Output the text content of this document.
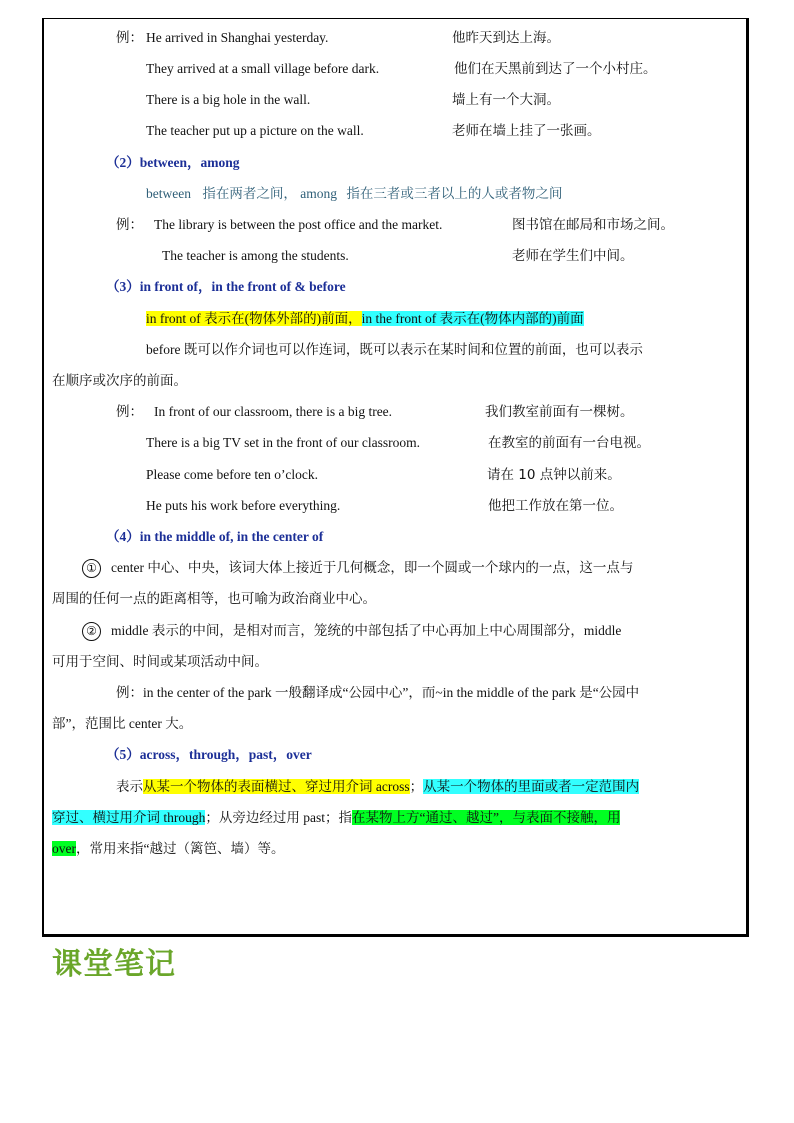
例： He arrived in Shanghai yesterday.	他昨天到达上海。
They arrived at a small village before dark.	他们在天黑前到达了一个小村庄。
There is a big hole in the wall.	墙上有一个大洞。
The teacher put up a picture on the wall.	老师在墙上挂了一张画。
（2）between，among
between 指在两者之间， among 指在三者或三者以上的人或者物之间
例： The library is between the post office and the market.	图书馆在邮局和市场之间。
The teacher is among the students.	老师在学生们中间。
（3）in front of，in the front of & before
in front of 表示在(物体外部的)前面，in the front of 表示在(物体内部的)前面
before 既可以作介词也可以作连词，既可以表示在某时间和位置的前面，也可以表示
在顺序或次序的前面。
例： In front of our classroom, there is a big tree.	我们教室前面有一棵树。
There is a big TV set in the front of our classroom.	在教室的前面有一台电视。
Please come before ten o’clock.	请在 10 点钟以前来。
He puts his work before everything.	他把工作放在第一位。
（4）in the middle of, in the center of
① center 中心、中央，该词大体上接近于几何概念，即一个圆或一个球内的一点，这一点与
周围的任何一点的距离相等，也可喻为政治商业中心。
② middle 表示的中间，是相对而言，笼统的中部包括了中心再加上中心周围部分，middle
可用于空间、时间或某项活动中间。
例：in the center of the park 一般翻译成“公园中心”，而~in the middle of the park 是“公园中
部”，范围比 center 大。
（5）across，through，past，over
表示从某一个物体的表面横过、穿过用介词 across；从某一个物体的里面或者一定范围内
穿过、横过用介词 through；从旁边经过用 past；指在某物上方“通过、越过”，与表面不接触，用
over，常用来指“越过（篱笆、墙）等。
课堂笔记
